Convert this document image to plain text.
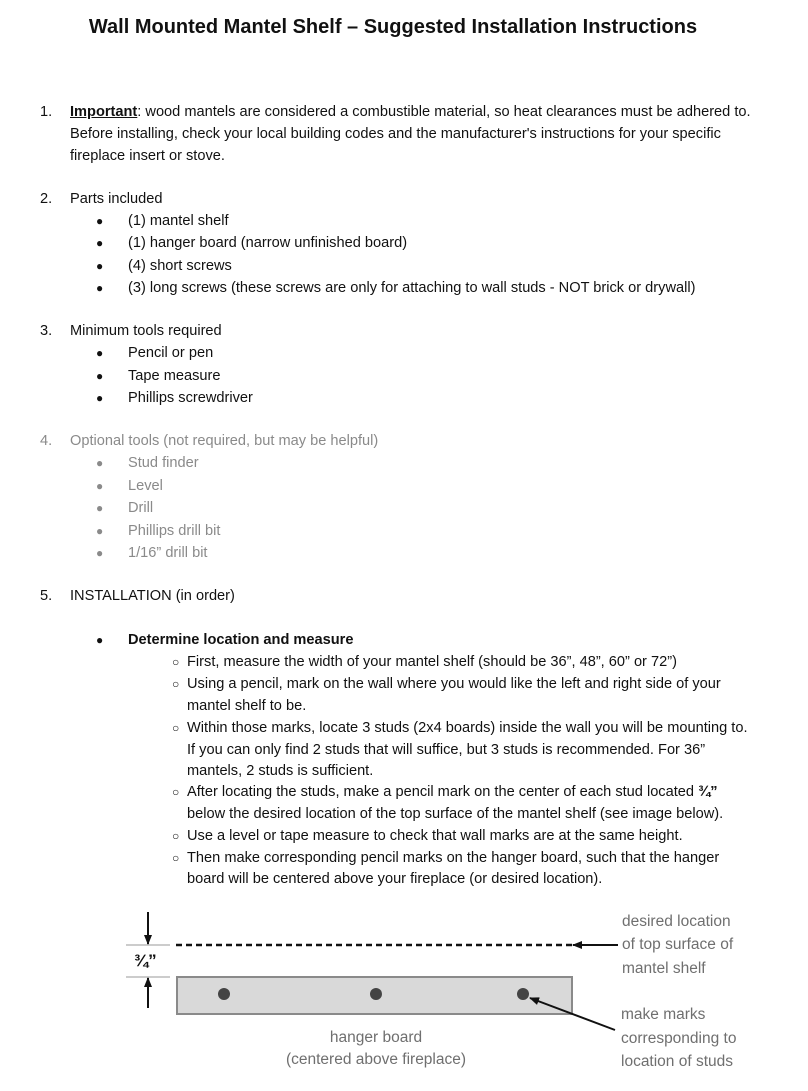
Wall Mounted Mantel Shelf – Suggested Installation Instructions
1. Important: wood mantels are considered a combustible material, so heat clearances must be adhered to.
Before installing, check your local building codes and the manufacturer's instructions for your specific
fireplace insert or stove.
2. Parts included
● (1) mantel shelf
● (1) hanger board (narrow unfinished board)
● (4) short screws
● (3) long screws (these screws are only for attaching to wall studs - NOT brick or drywall)
3. Minimum tools required
● Pencil or pen
● Tape measure
● Phillips screwdriver
4. Optional tools (not required, but may be helpful)
● Stud finder
● Level
● Drill
● Phillips drill bit
● 1/16” drill bit
5. INSTALLATION (in order)
● Determine location and measure
○ First, measure the width of your mantel shelf (should be 36”, 48”, 60” or 72”)
○ Using a pencil, mark on the wall where you would like the left and right side of your
mantel shelf to be.
○ Within those marks, locate 3 studs (2x4 boards) inside the wall you will be mounting to.
If you can only find 2 studs that will suffice, but 3 studs is recommended. For 36”
mantels, 2 studs is sufficient.
○ After locating the studs, make a pencil mark on the center of each stud located ¾”
below the desired location of the top surface of the mantel shelf (see image below).
○ Use a level or tape measure to check that wall marks are at the same height.
○ Then make corresponding pencil marks on the hanger board, such that the hanger
board will be centered above your fireplace (or desired location).
¾”
desired location
of top surface of
mantel shelf
make marks
corresponding to
location of studs
hanger board
(centered above fireplace)
